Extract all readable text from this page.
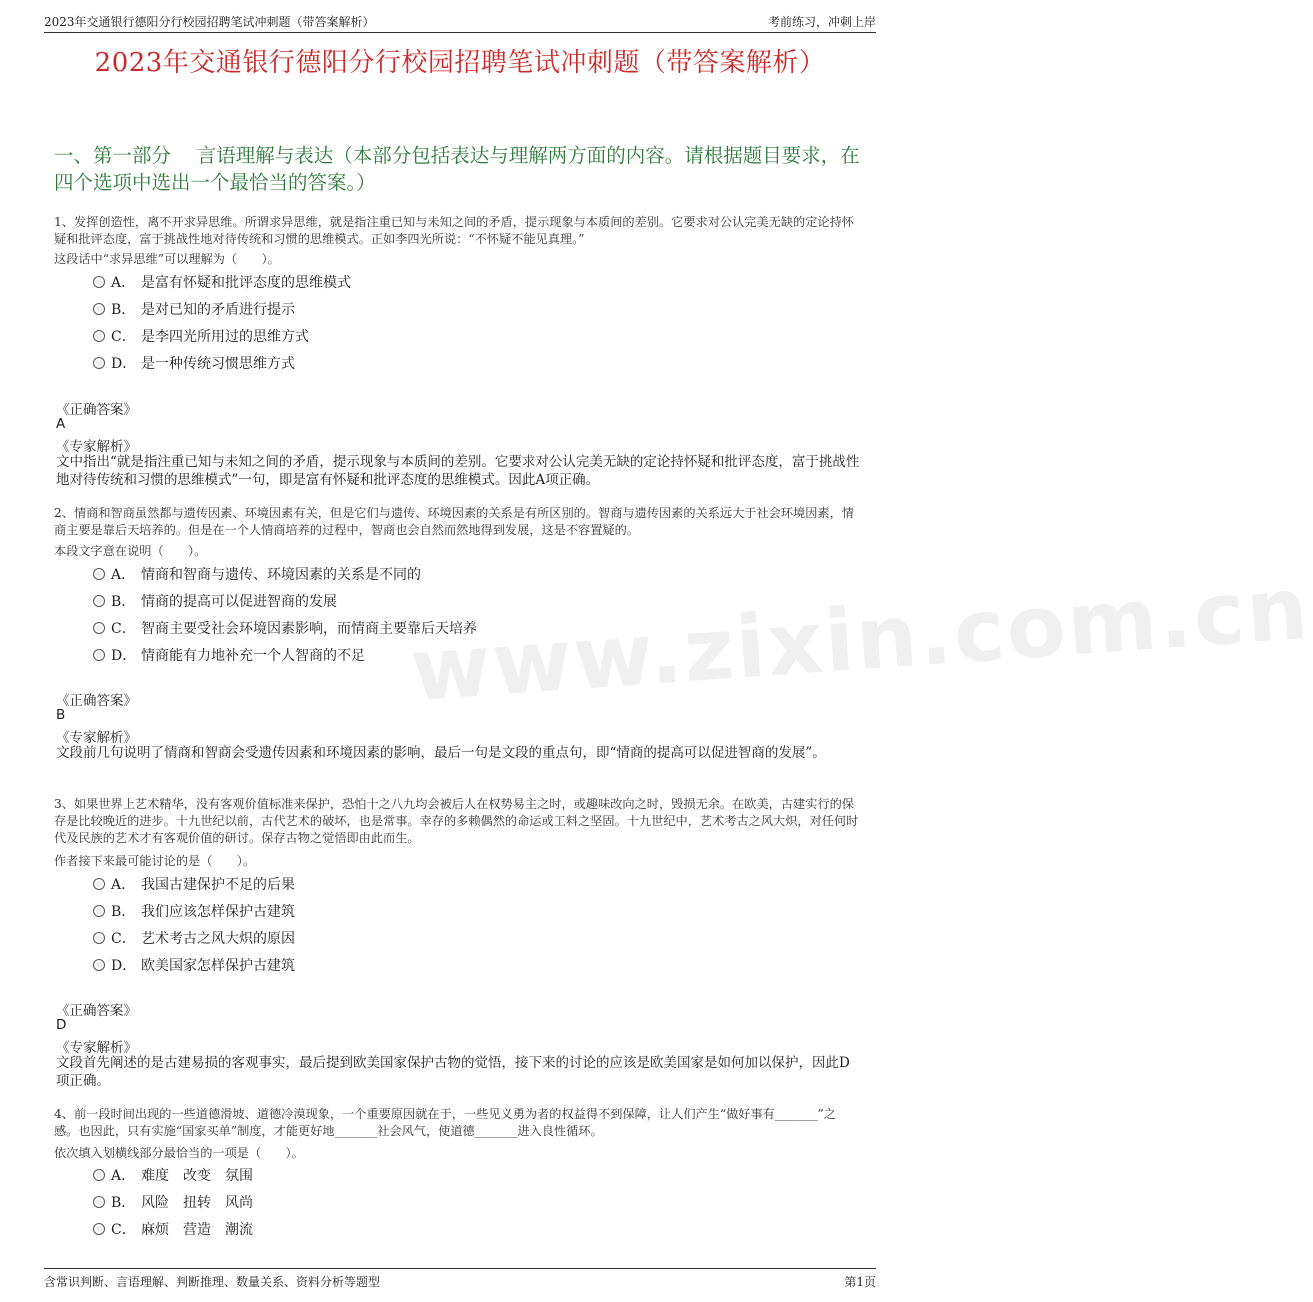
2023年交通银行德阳分行校园招聘笔试冲刺题（带答案解析）	考前练习，冲刺上岸
2023年交通银行德阳分行校园招聘笔试冲刺题（带答案解析）
一、第一部分　 言语理解与表达（本部分包括表达与理解两方面的内容。请根据题目要求，在四个选项中选出一个最恰当的答案。）
www.zixin.com.cn
1、发挥创造性，离不开求异思维。所谓求异思维，就是指注重已知与未知之间的矛盾，提示现象与本质间的差别。它要求对公认完美无缺的定论持怀疑和批评态度，富于挑战性地对待传统和习惯的思维模式。正如李四光所说：“不怀疑不能见真理。”
这段话中“求异思维”可以理解为（　　）。
A． 是富有怀疑和批评态度的思维模式
B． 是对已知的矛盾进行提示
C． 是李四光所用过的思维方式
D． 是一种传统习惯思维方式
《正确答案》
A
《专家解析》
文中指出“就是指注重已知与未知之间的矛盾，提示现象与本质间的差别。它要求对公认完美无缺的定论持怀疑和批评态度，富于挑战性地对待传统和习惯的思维模式”一句，即是富有怀疑和批评态度的思维模式。因此A项正确。
2、情商和智商虽然都与遗传因素、环境因素有关，但是它们与遗传、环境因素的关系是有所区别的。智商与遗传因素的关系远大于社会环境因素，情商主要是靠后天培养的。但是在一个人情商培养的过程中，智商也会自然而然地得到发展，这是不容置疑的。
本段文字意在说明（　　）。
A． 情商和智商与遗传、环境因素的关系是不同的
B． 情商的提高可以促进智商的发展
C． 智商主要受社会环境因素影响，而情商主要靠后天培养
D． 情商能有力地补充一个人智商的不足
《正确答案》
B
《专家解析》
文段前几句说明了情商和智商会受遗传因素和环境因素的影响，最后一句是文段的重点句，即“情商的提高可以促进智商的发展”。
3、如果世界上艺术精华，没有客观价值标准来保护，恐怕十之八九均会被后人在权势易主之时，或趣味改向之时，毁损无余。在欧美，古建实行的保存是比较晚近的进步。十九世纪以前，古代艺术的破坏，也是常事。幸存的多赖偶然的命运或工料之坚固。十九世纪中，艺术考古之风大炽，对任何时代及民族的艺术才有客观价值的研讨。保存古物之觉悟即由此而生。
作者接下来最可能讨论的是（　　）。
A． 我国古建保护不足的后果
B． 我们应该怎样保护古建筑
C． 艺术考古之风大炽的原因
D． 欧美国家怎样保护古建筑
《正确答案》
D
《专家解析》
文段首先阐述的是古建易损的客观事实，最后提到欧美国家保护古物的觉悟，接下来的讨论的应该是欧美国家是如何加以保护，因此D项正确。
4、前一段时间出现的一些道德滑坡、道德冷漠现象，一个重要原因就在于，一些见义勇为者的权益得不到保障，让人们产生“做好事有_______”之感。也因此，只有实施“国家买单”制度，才能更好地_______社会风气，使道德_______进入良性循环。
依次填入划横线部分最恰当的一项是（　　）。
A． 难度　改变　氛围
B． 风险　扭转　风尚
C． 麻烦　营造　潮流
含常识判断、言语理解、判断推理、数量关系、资料分析等题型	第1页
